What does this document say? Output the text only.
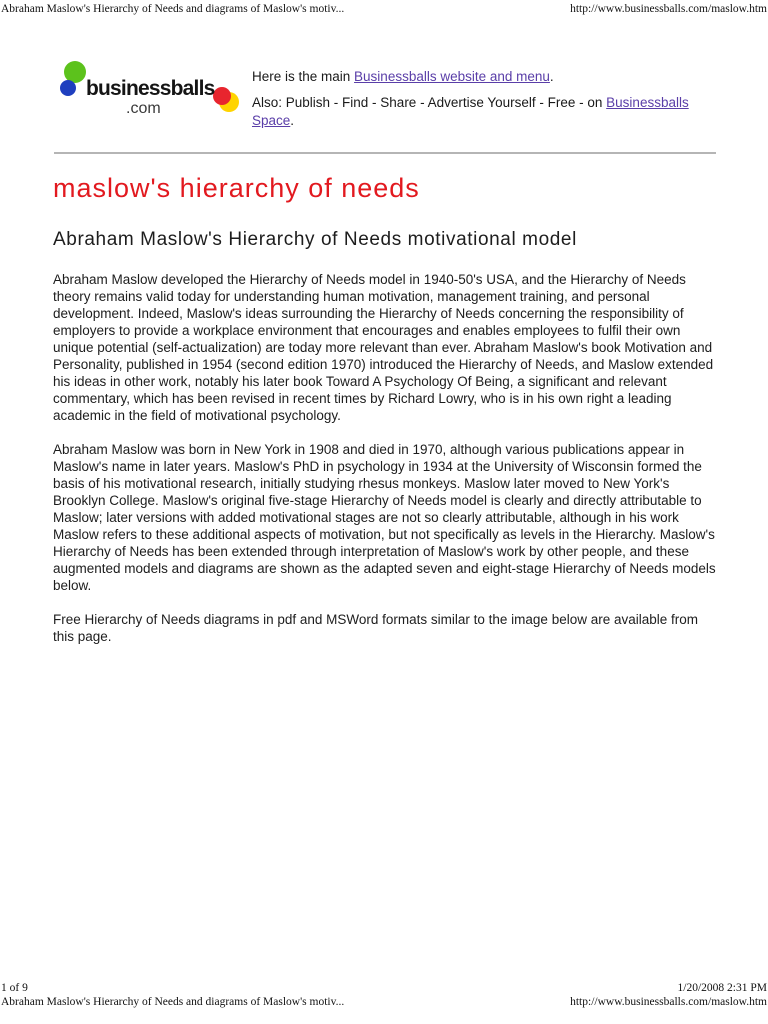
Abraham Maslow's Hierarchy of Needs and diagrams of Maslow's motiv...	http://www.businessballs.com/maslow.htm
businessballs
.com

Here is the main Businessballs website and menu.

Also: Publish - Find - Share - Advertise Yourself - Free - on Businessballs Space.

maslow's hierarchy of needs
Abraham Maslow's Hierarchy of Needs motivational model

Abraham Maslow developed the Hierarchy of Needs model in 1940-50's USA, and the Hierarchy of Needs theory remains valid today for understanding human motivation, management training, and personal development. Indeed, Maslow's ideas surrounding the Hierarchy of Needs concerning the responsibility of employers to provide a workplace environment that encourages and enables employees to fulfil their own unique potential (self-actualization) are today more relevant than ever. Abraham Maslow's book Motivation and Personality, published in 1954 (second edition 1970) introduced the Hierarchy of Needs, and Maslow extended his ideas in other work, notably his later book Toward A Psychology Of Being, a significant and relevant commentary, which has been revised in recent times by Richard Lowry, who is in his own right a leading academic in the field of motivational psychology.

Abraham Maslow was born in New York in 1908 and died in 1970, although various publications appear in Maslow's name in later years. Maslow's PhD in psychology in 1934 at the University of Wisconsin formed the basis of his motivational research, initially studying rhesus monkeys. Maslow later moved to New York's Brooklyn College. Maslow's original five-stage Hierarchy of Needs model is clearly and directly attributable to Maslow; later versions with added motivational stages are not so clearly attributable, although in his work Maslow refers to these additional aspects of motivation, but not specifically as levels in the Hierarchy. Maslow's Hierarchy of Needs has been extended through interpretation of Maslow's work by other people, and these augmented models and diagrams are shown as the adapted seven and eight-stage Hierarchy of Needs models below.

Free Hierarchy of Needs diagrams in pdf and MSWord formats similar to the image below are available from this page.

1 of 9	1/20/2008 2:31 PM
Abraham Maslow's Hierarchy of Needs and diagrams of Maslow's motiv...	http://www.businessballs.com/maslow.htm
